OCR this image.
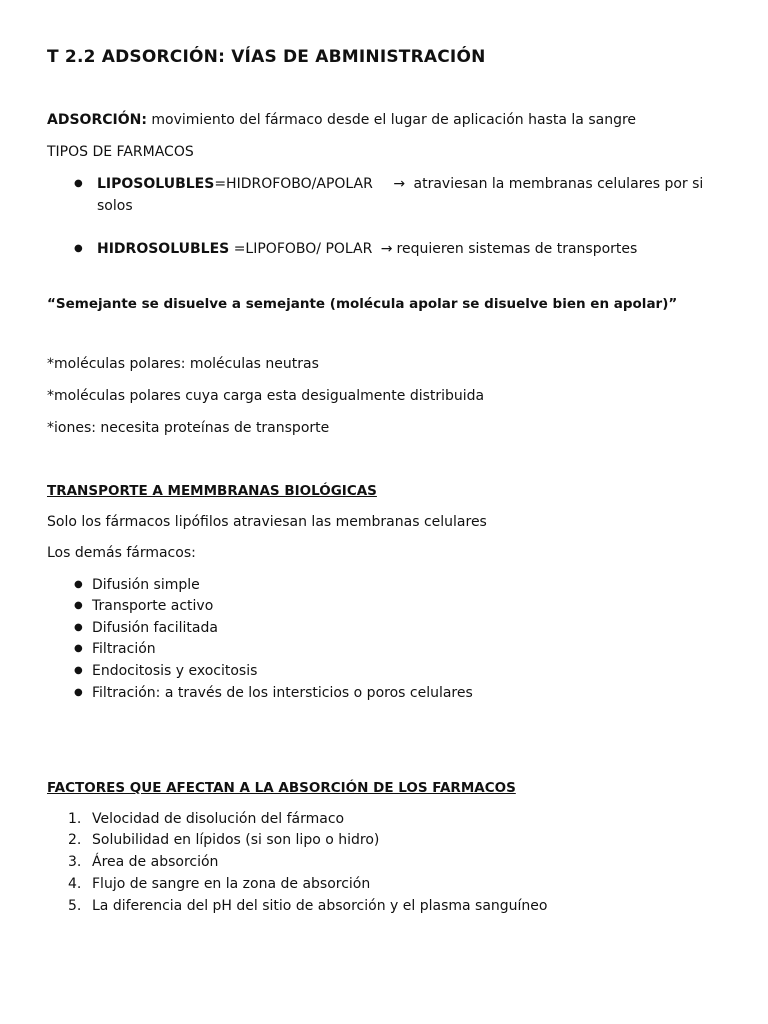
T 2.2 ADSORCIÓN: VÍAS DE ABMINISTRACIÓN
ADSORCIÓN: movimiento del fármaco desde el lugar de aplicación hasta la sangre
TIPOS DE FARMACOS
● LIPOSOLUBLES=HIDROFOBO/APOLAR → atraviesan la membranas celulares por si
solos
● HIDROSOLUBLES =LIPOFOBO/ POLAR → requieren sistemas de transportes
“Semejante se disuelve a semejante (molécula apolar se disuelve bien en apolar)”
*moléculas polares: moléculas neutras
*moléculas polares cuya carga esta desigualmente distribuida
*iones: necesita proteínas de transporte
TRANSPORTE A MEMMBRANAS BIOLÓGICAS
Solo los fármacos lipófilos atraviesan las membranas celulares
Los demás fármacos:
● Difusión simple
● Transporte activo
● Difusión facilitada
● Filtración
● Endocitosis y exocitosis
● Filtración: a través de los intersticios o poros celulares
FACTORES QUE AFECTAN A LA ABSORCIÓN DE LOS FARMACOS
1. Velocidad de disolución del fármaco
2. Solubilidad en lípidos (si son lipo o hidro)
3. Área de absorción
4. Flujo de sangre en la zona de absorción
5. La diferencia del pH del sitio de absorción y el plasma sanguíneo
